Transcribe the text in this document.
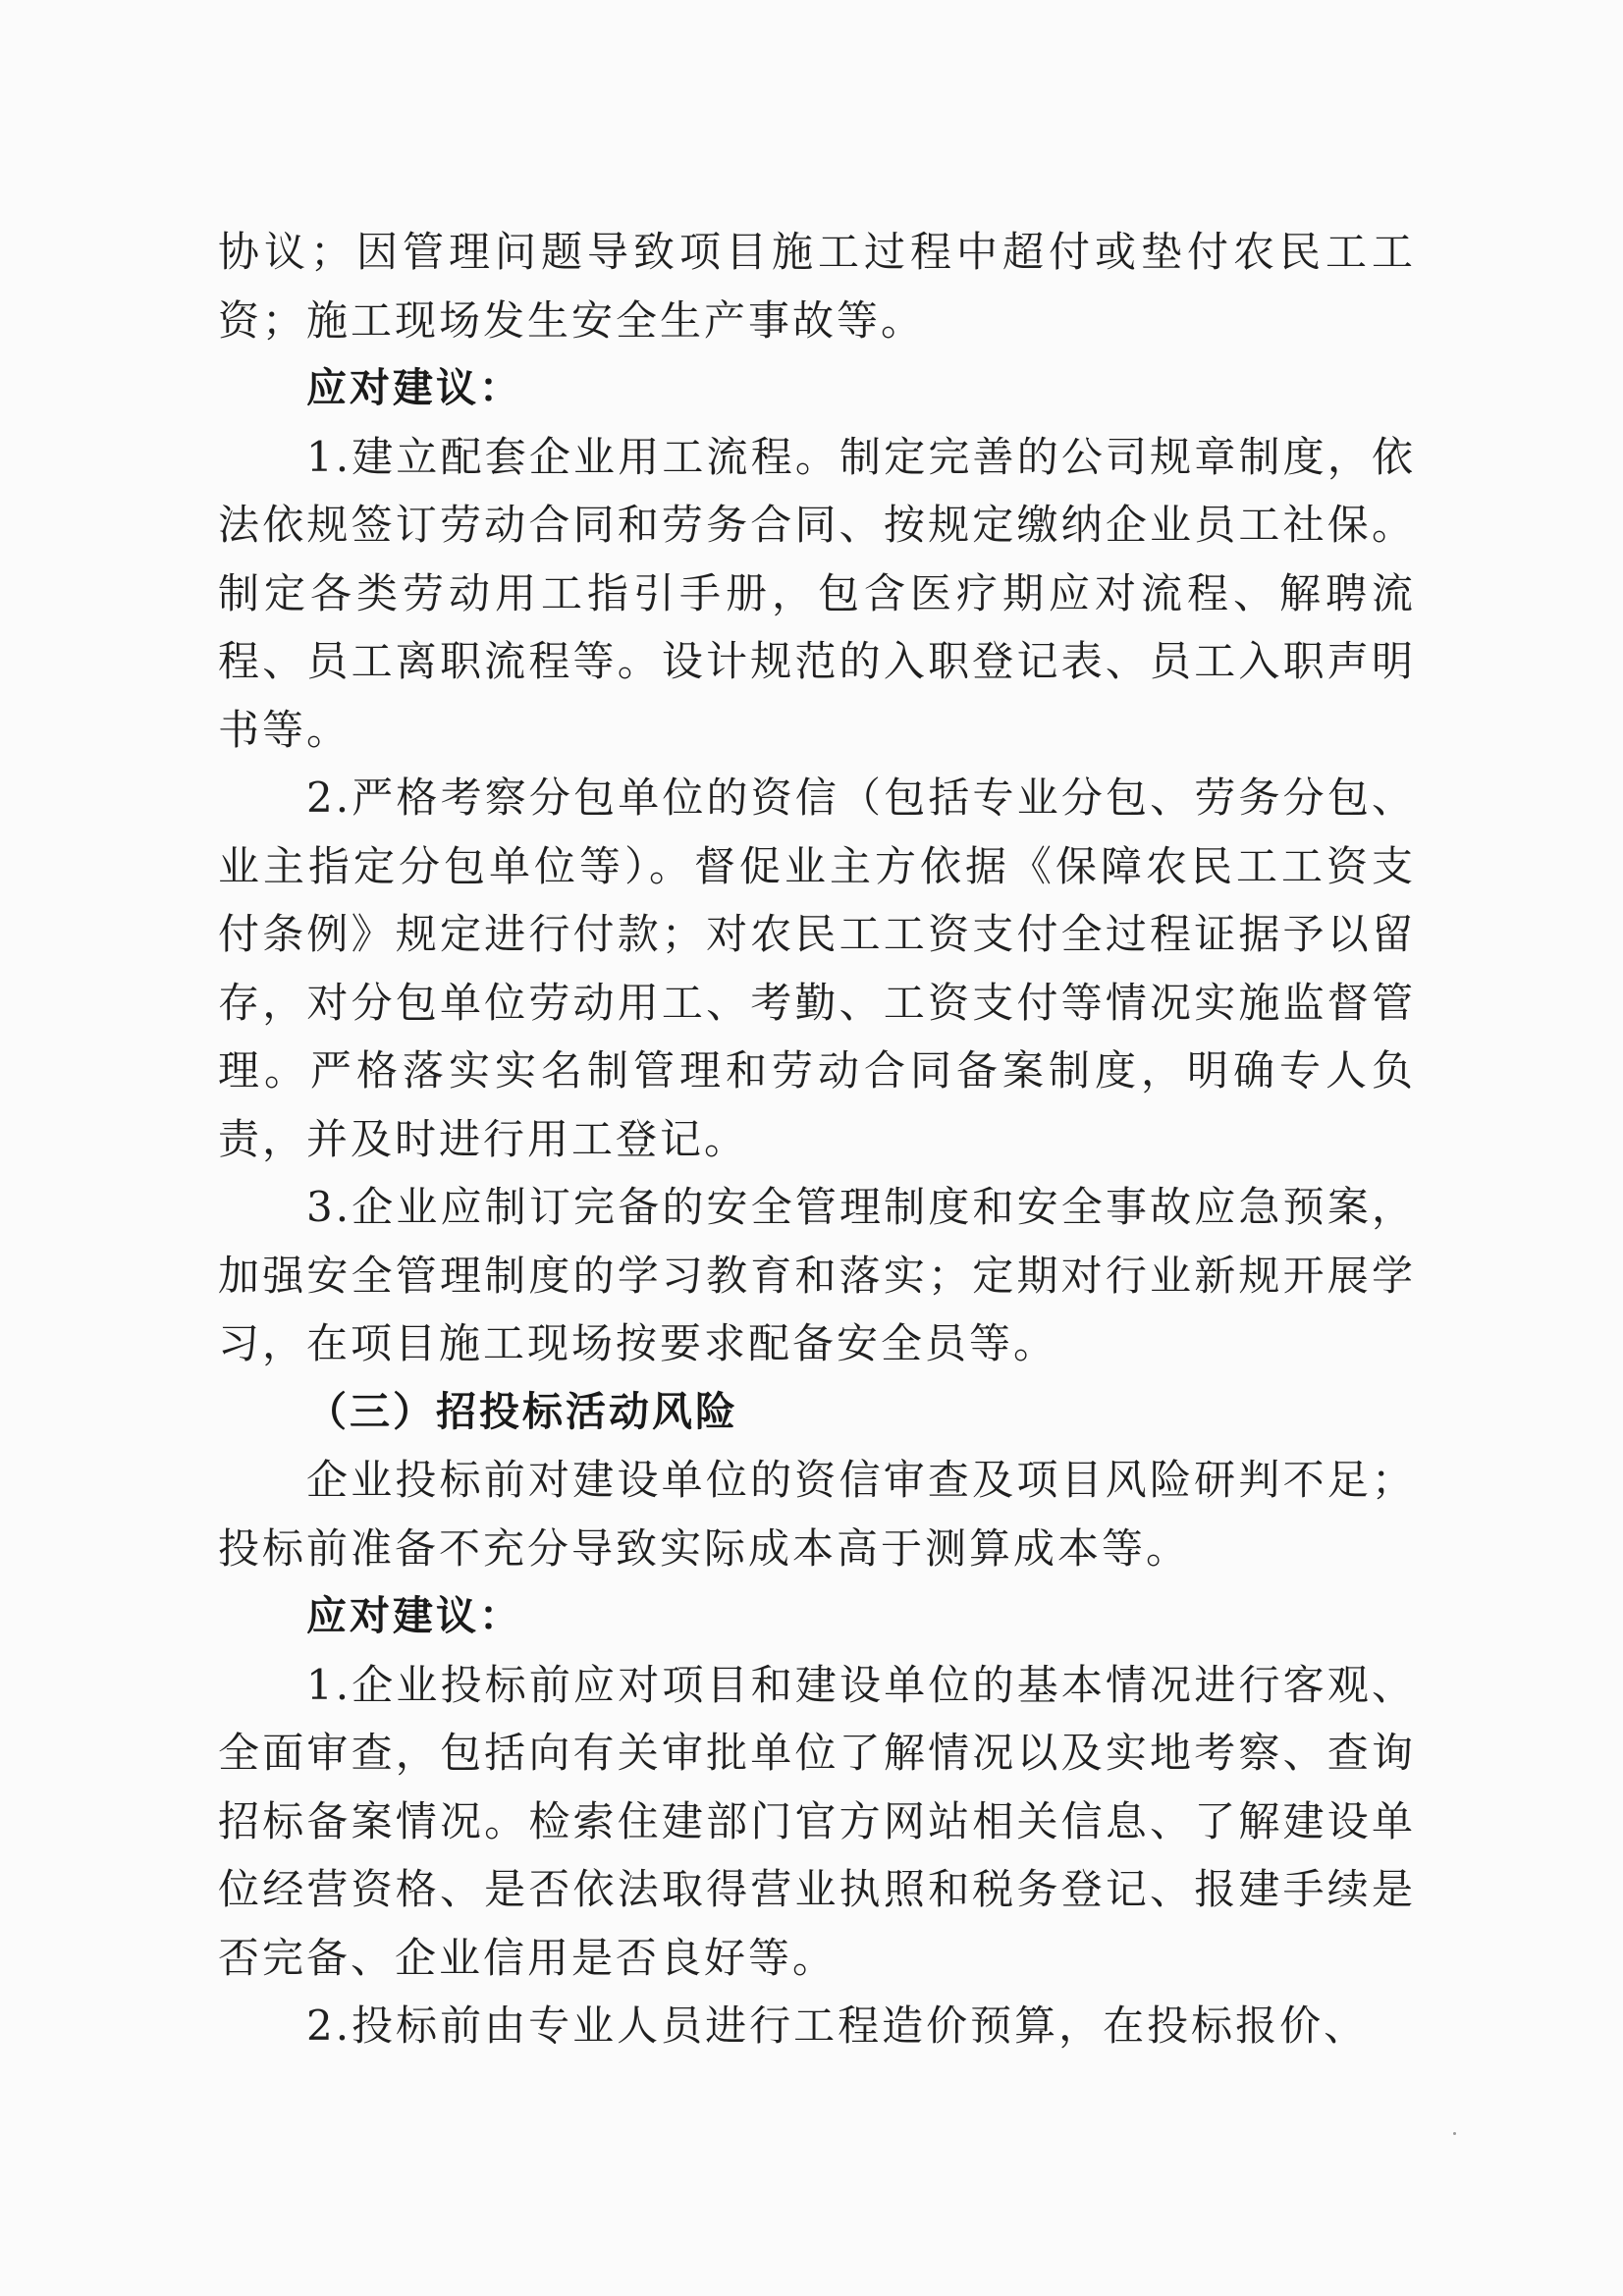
协议；因管理问题导致项目施工过程中超付或垫付农民工工资；施工现场发生安全生产事故等。

应对建议：

1.建立配套企业用工流程。制定完善的公司规章制度，依法依规签订劳动合同和劳务合同、按规定缴纳企业员工社保。制定各类劳动用工指引手册，包含医疗期应对流程、解聘流程、员工离职流程等。设计规范的入职登记表、员工入职声明书等。

2.严格考察分包单位的资信（包括专业分包、劳务分包、业主指定分包单位等）。督促业主方依据《保障农民工工资支付条例》规定进行付款；对农民工工资支付全过程证据予以留存，对分包单位劳动用工、考勤、工资支付等情况实施监督管理。严格落实实名制管理和劳动合同备案制度，明确专人负责，并及时进行用工登记。

3.企业应制订完备的安全管理制度和安全事故应急预案，加强安全管理制度的学习教育和落实；定期对行业新规开展学习，在项目施工现场按要求配备安全员等。

（三）招投标活动风险

企业投标前对建设单位的资信审查及项目风险研判不足；投标前准备不充分导致实际成本高于测算成本等。

应对建议：

1.企业投标前应对项目和建设单位的基本情况进行客观、全面审查，包括向有关审批单位了解情况以及实地考察、查询招标备案情况。检索住建部门官方网站相关信息、了解建设单位经营资格、是否依法取得营业执照和税务登记、报建手续是否完备、企业信用是否良好等。

2.投标前由专业人员进行工程造价预算，在投标报价、
